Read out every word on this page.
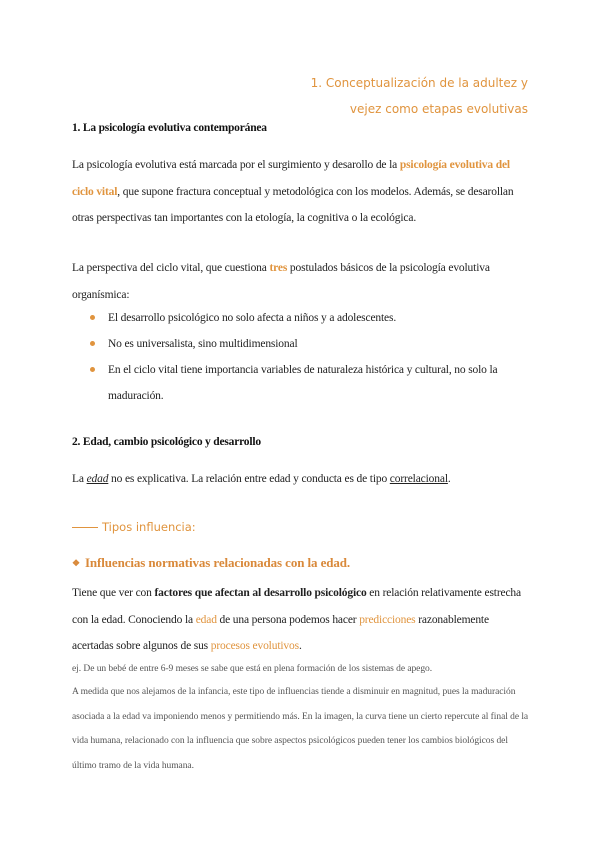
1. Conceptualización de la adultez y
vejez como etapas evolutivas
1. La psicología evolutiva contemporánea

La psicología evolutiva está marcada por el surgimiento y desarollo de la psicología evolutiva del ciclo vital, que supone fractura conceptual y metodológica con los modelos. Además, se desarollan otras perspectivas tan importantes con la etología, la cognitiva o la ecológica.

La perspectiva del ciclo vital, que cuestiona tres postulados básicos de la psicología evolutiva organísmica:

El desarrollo psicológico no solo afecta a niños y a adolescentes.
No es universalista, sino multidimensional
En el ciclo vital tiene importancia variables de naturaleza histórica y cultural, no solo la maduración.
2. Edad, cambio psicológico y desarrollo

La edad no es explicativa. La relación entre edad y conducta es de tipo correlacional.

Tipos influencia:
❖ Influencias normativas relacionadas con la edad.

Tiene que ver con factores que afectan al desarrollo psicológico en relación relativamente estrecha con la edad. Conociendo la edad de una persona podemos hacer predicciones razonablemente acertadas sobre algunos de sus procesos evolutivos.

ej. De un bebé de entre 6-9 meses se sabe que está en plena formación de los sistemas de apego.

A medida que nos alejamos de la infancia, este tipo de influencias tiende a disminuir en magnitud, pues la maduración asociada a la edad va imponiendo menos y permitiendo más. En la imagen, la curva tiene un cierto repercute al final de la vida humana, relacionado con la influencia que sobre aspectos psicológicos pueden tener los cambios biológicos del último tramo de la vida humana.
